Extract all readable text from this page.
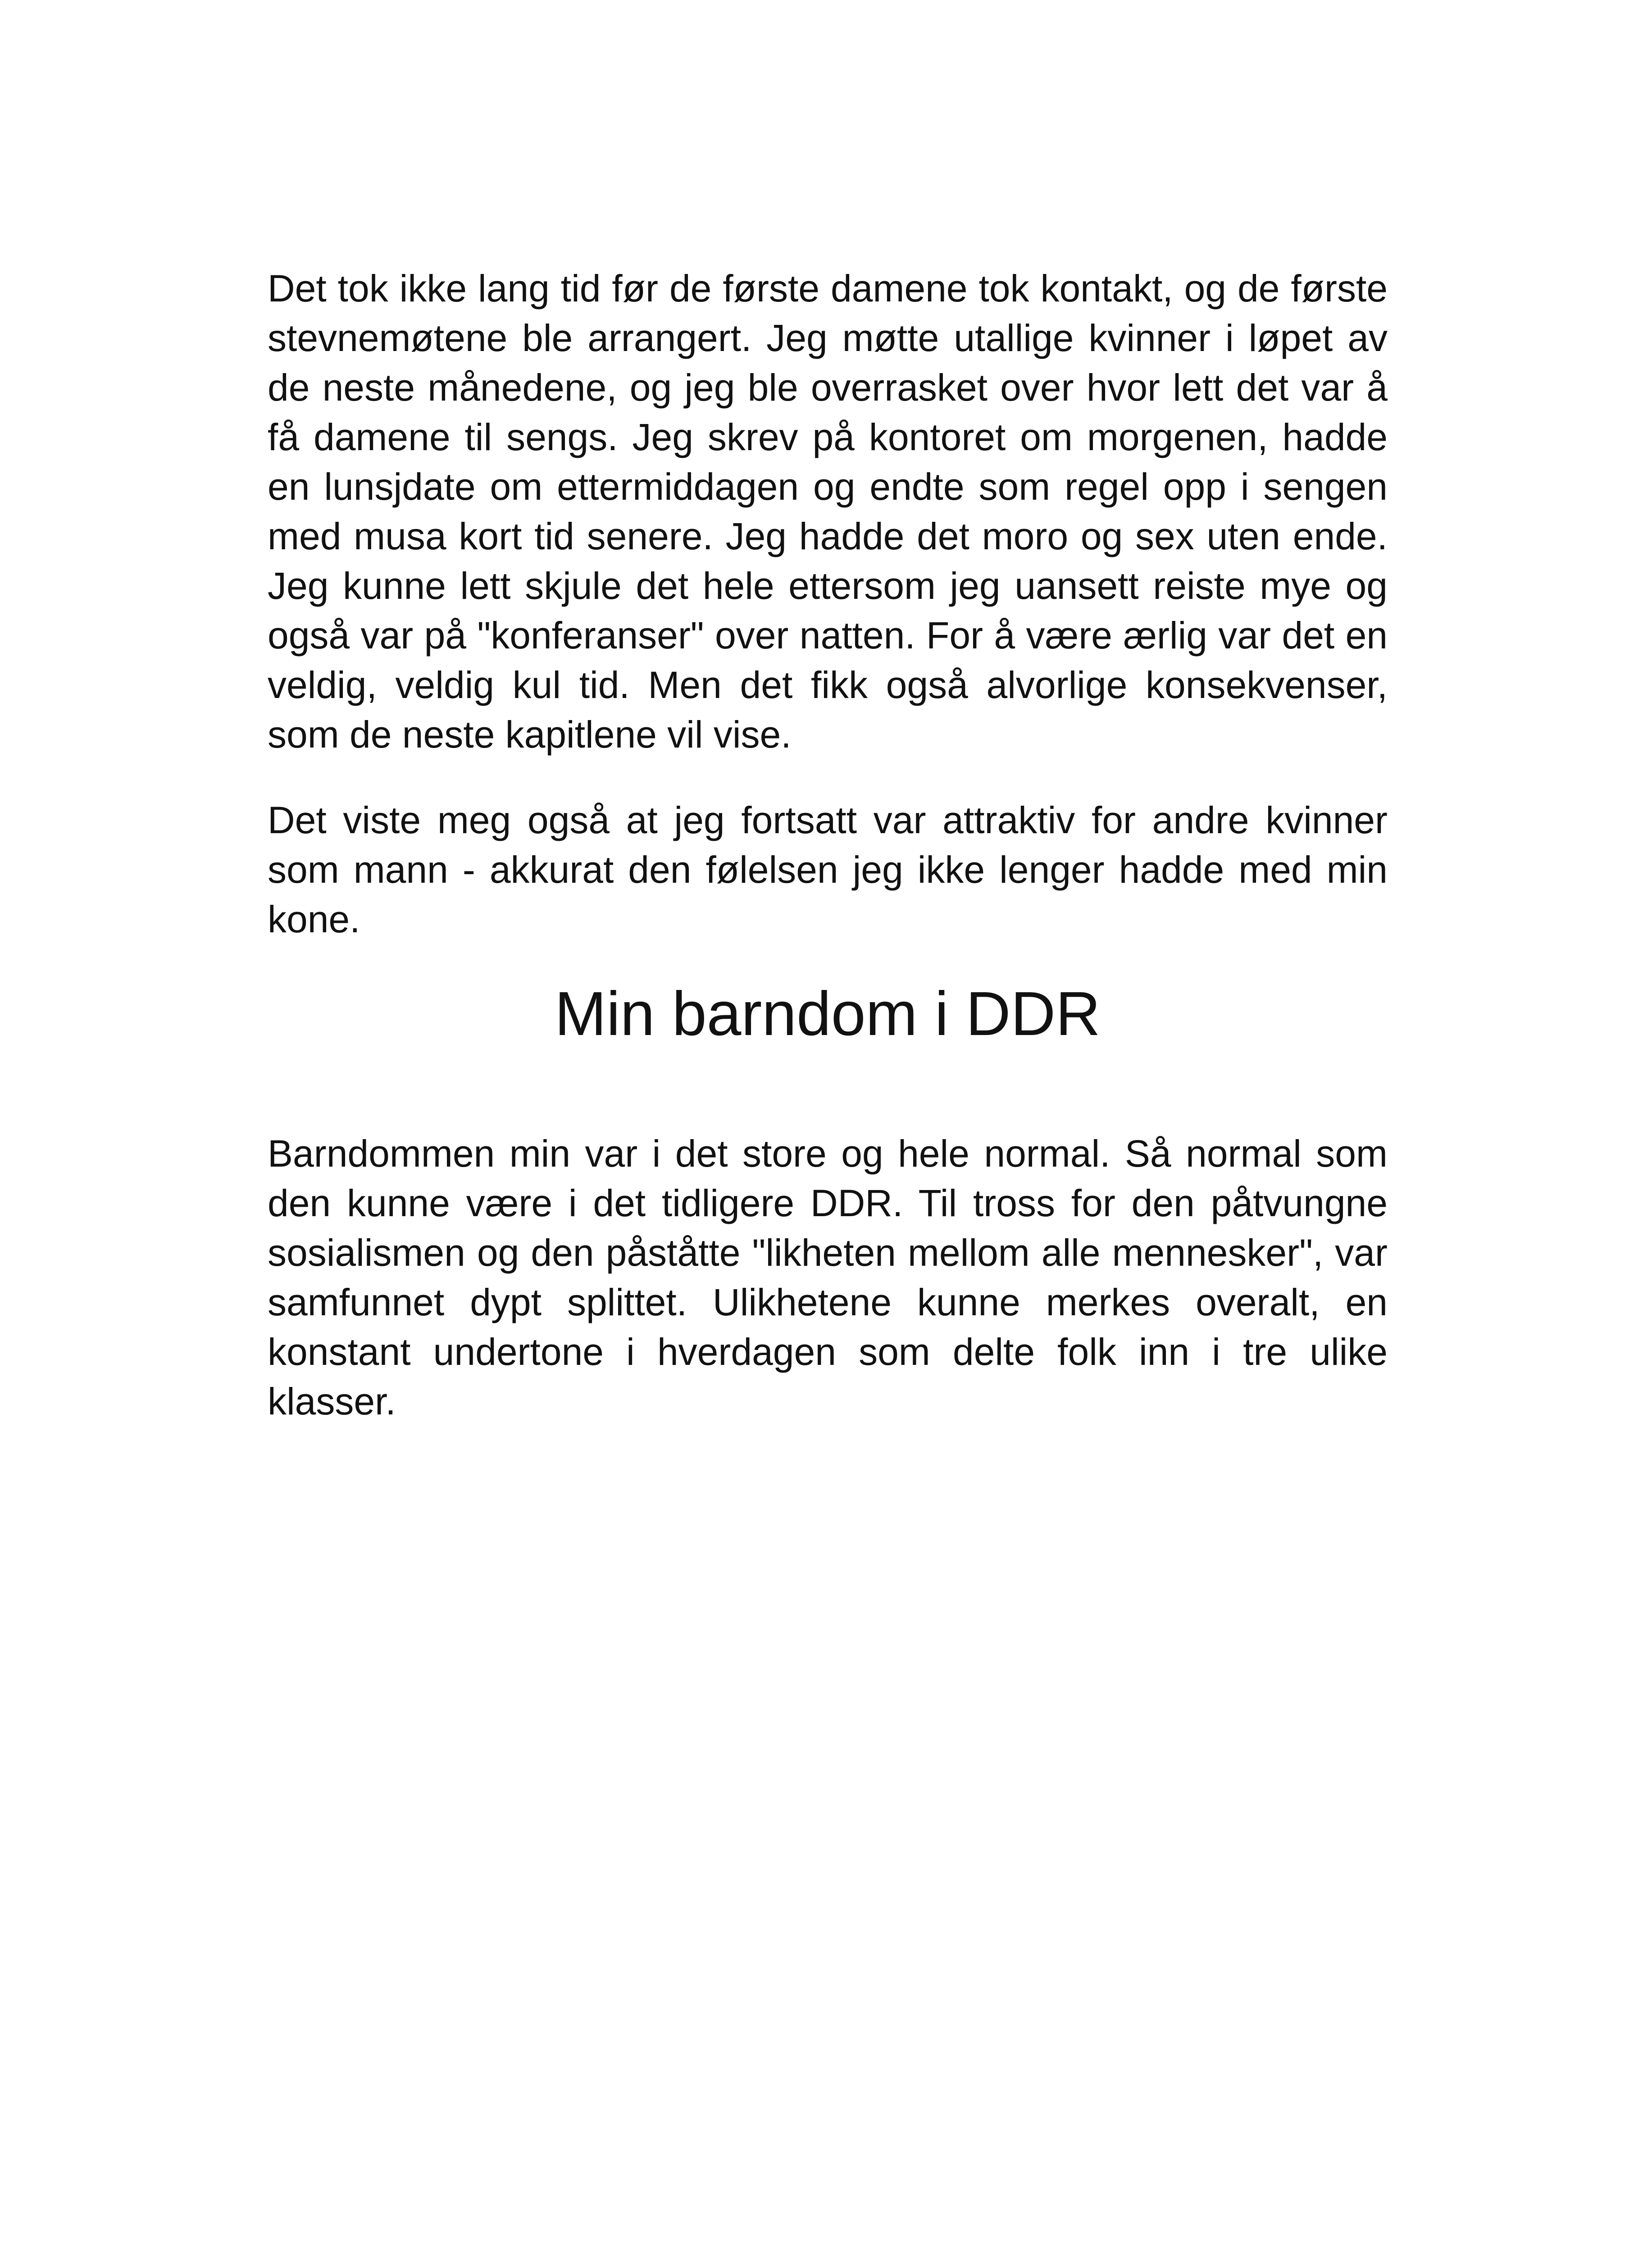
Det tok ikke lang tid før de første damene tok kontakt, og de første stevnemøtene ble arrangert. Jeg møtte utallige kvinner i løpet av de neste månedene, og jeg ble overrasket over hvor lett det var å få damene til sengs. Jeg skrev på kontoret om morgenen, hadde en lunsjdate om ettermiddagen og endte som regel opp i sengen med musa kort tid senere. Jeg hadde det moro og sex uten ende. Jeg kunne lett skjule det hele ettersom jeg uansett reiste mye og også var på "konferanser" over natten. For å være ærlig var det en veldig, veldig kul tid. Men det fikk også alvorlige konsekvenser, som de neste kapitlene vil vise.

Det viste meg også at jeg fortsatt var attraktiv for andre kvinner som mann - akkurat den følelsen jeg ikke lenger hadde med min kone.

Min barndom i DDR

Barndommen min var i det store og hele normal. Så normal som den kunne være i det tidligere DDR. Til tross for den påtvungne sosialismen og den påståtte "likheten mellom alle mennesker", var samfunnet dypt splittet. Ulikhetene kunne merkes overalt, en konstant undertone i hverdagen som delte folk inn i tre ulike klasser.
